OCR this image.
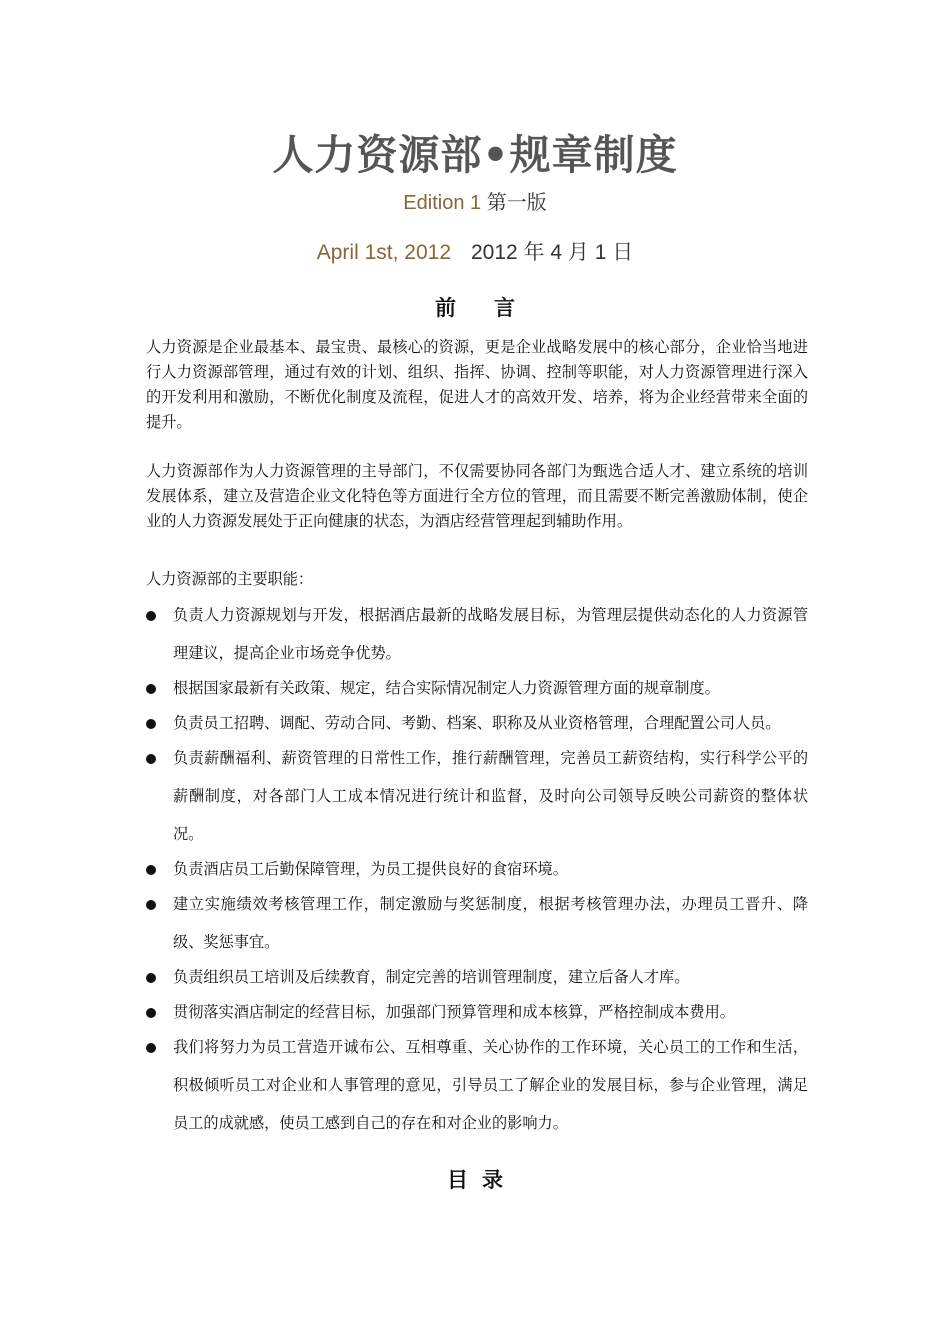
人力资源部•规章制度
Edition 1 第一版
April 1st, 2012 2012 年 4 月 1 日
前言
人力资源是企业最基本、最宝贵、最核心的资源，更是企业战略发展中的核心部分，企业恰当地进行人力资源部管理，通过有效的计划、组织、指挥、协调、控制等职能，对人力资源管理进行深入的开发利用和激励，不断优化制度及流程，促进人才的高效开发、培养，将为企业经营带来全面的提升。
人力资源部作为人力资源管理的主导部门，不仅需要协同各部门为甄选合适人才、建立系统的培训发展体系，建立及营造企业文化特色等方面进行全方位的管理，而且需要不断完善激励体制，使企业的人力资源发展处于正向健康的状态，为酒店经营管理起到辅助作用。
人力资源部的主要职能：
负责人力资源规划与开发，根据酒店最新的战略发展目标，为管理层提供动态化的人力资源管理建议，提高企业市场竞争优势。
根据国家最新有关政策、规定，结合实际情况制定人力资源管理方面的规章制度。
负责员工招聘、调配、劳动合同、考勤、档案、职称及从业资格管理，合理配置公司人员。
负责薪酬福利、薪资管理的日常性工作，推行薪酬管理，完善员工薪资结构，实行科学公平的薪酬制度，对各部门人工成本情况进行统计和监督，及时向公司领导反映公司薪资的整体状况。
负责酒店员工后勤保障管理，为员工提供良好的食宿环境。
建立实施绩效考核管理工作，制定激励与奖惩制度，根据考核管理办法，办理员工晋升、降级、奖惩事宜。
负责组织员工培训及后续教育，制定完善的培训管理制度，建立后备人才库。
贯彻落实酒店制定的经营目标，加强部门预算管理和成本核算，严格控制成本费用。
我们将努力为员工营造开诚布公、互相尊重、关心协作的工作环境，关心员工的工作和生活，积极倾听员工对企业和人事管理的意见，引导员工了解企业的发展目标，参与企业管理，满足员工的成就感，使员工感到自己的存在和对企业的影响力。
目录
